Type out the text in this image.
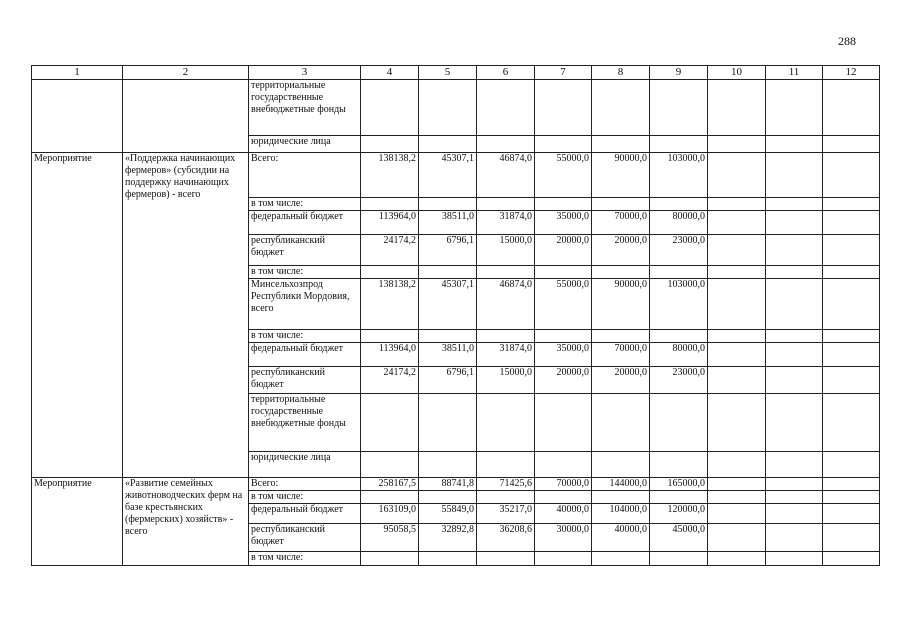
288
1	2	3	4	5	6	7	8	9	10	11	12
		территориальные государственные внебюджетные фонды									
		юридические лица									
Мероприятие	«Поддержка начинающих фермеров» (субсидии на поддержку начинающих фермеров) - всего	Всего:	138138,2	45307,1	46874,0	55000,0	90000,0	103000,0			
		в том числе:									
		федеральный бюджет	113964,0	38511,0	31874,0	35000,0	70000,0	80000,0			
		республиканский бюджет	24174,2	6796,1	15000,0	20000,0	20000,0	23000,0			
		в том числе:									
		Минсельхозпрод Республики Мордовия, всего	138138,2	45307,1	46874,0	55000,0	90000,0	103000,0			
		в том числе:									
		федеральный бюджет	113964,0	38511,0	31874,0	35000,0	70000,0	80000,0			
		республиканский бюджет	24174,2	6796,1	15000,0	20000,0	20000,0	23000,0			
		территориальные государственные внебюджетные фонды									
		юридические лица									
Мероприятие	«Развитие семейных животноводческих ферм на базе крестьянских (фермерских) хозяйств» - всего	Всего:	258167,5	88741,8	71425,6	70000,0	144000,0	165000,0			
		в том числе:									
		федеральный бюджет	163109,0	55849,0	35217,0	40000,0	104000,0	120000,0			
		республиканский бюджет	95058,5	32892,8	36208,6	30000,0	40000,0	45000,0			
		в том числе:									
